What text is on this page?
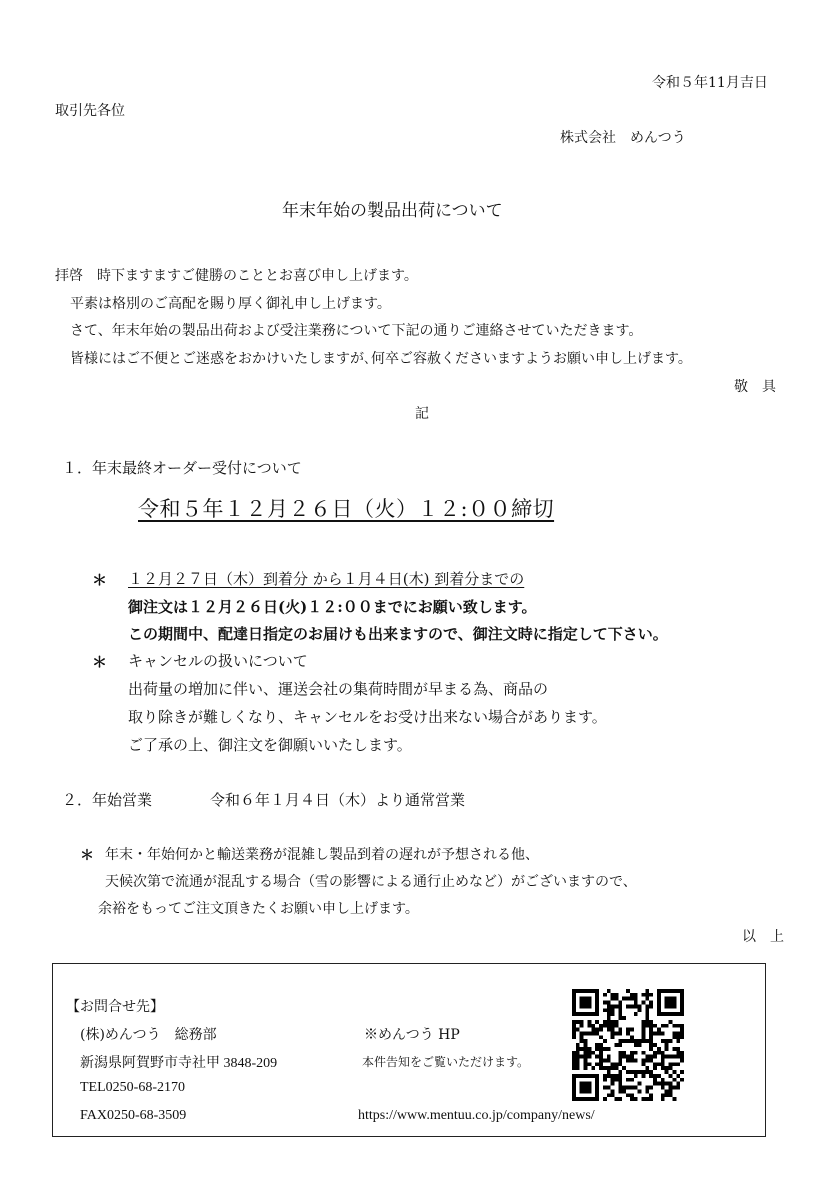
令和５年11月吉日
取引先各位
株式会社　めんつう
年末年始の製品出荷について
拝啓　時下ますますご健勝のこととお喜び申し上げます。
平素は格別のご高配を賜り厚く御礼申し上げます。
さて、年末年始の製品出荷および受注業務について下記の通りご連絡させていただきます。
皆様にはご不便とご迷惑をおかけいたしますが､何卒ご容赦くださいますようお願い申し上げます。
敬　具
記
１．年末最終オーダー受付について
令和５年１２月２６日（火）１２:００締切
＊ １２月２７日（木）到着分 から１月４日(木) 到着分までの
御注文は１２月２６日(火)１２:００までにお願い致します。
この期間中、配達日指定のお届けも出来ますので、御注文時に指定して下さい。
＊ キャンセルの扱いについて
出荷量の増加に伴い、運送会社の集荷時間が早まる為、商品の
取り除きが難しくなり、キャンセルをお受け出来ない場合があります。
ご了承の上、御注文を御願いいたします。
２．年始営業	令和６年１月４日（木）より通常営業
＊ 年末・年始何かと輸送業務が混雑し製品到着の遅れが予想される他、
天候次第で流通が混乱する場合（雪の影響による通行止めなど）がございますので、
余裕をもってご注文頂きたくお願い申し上げます。
以　上
【お問合せ先】
(株)めんつう　総務部
新潟県阿賀野市寺社甲 3848-209
TEL0250-68-2170
FAX0250-68-3509
※めんつう HP
本件告知をご覧いただけます。
https://www.mentuu.co.jp/company/news/
